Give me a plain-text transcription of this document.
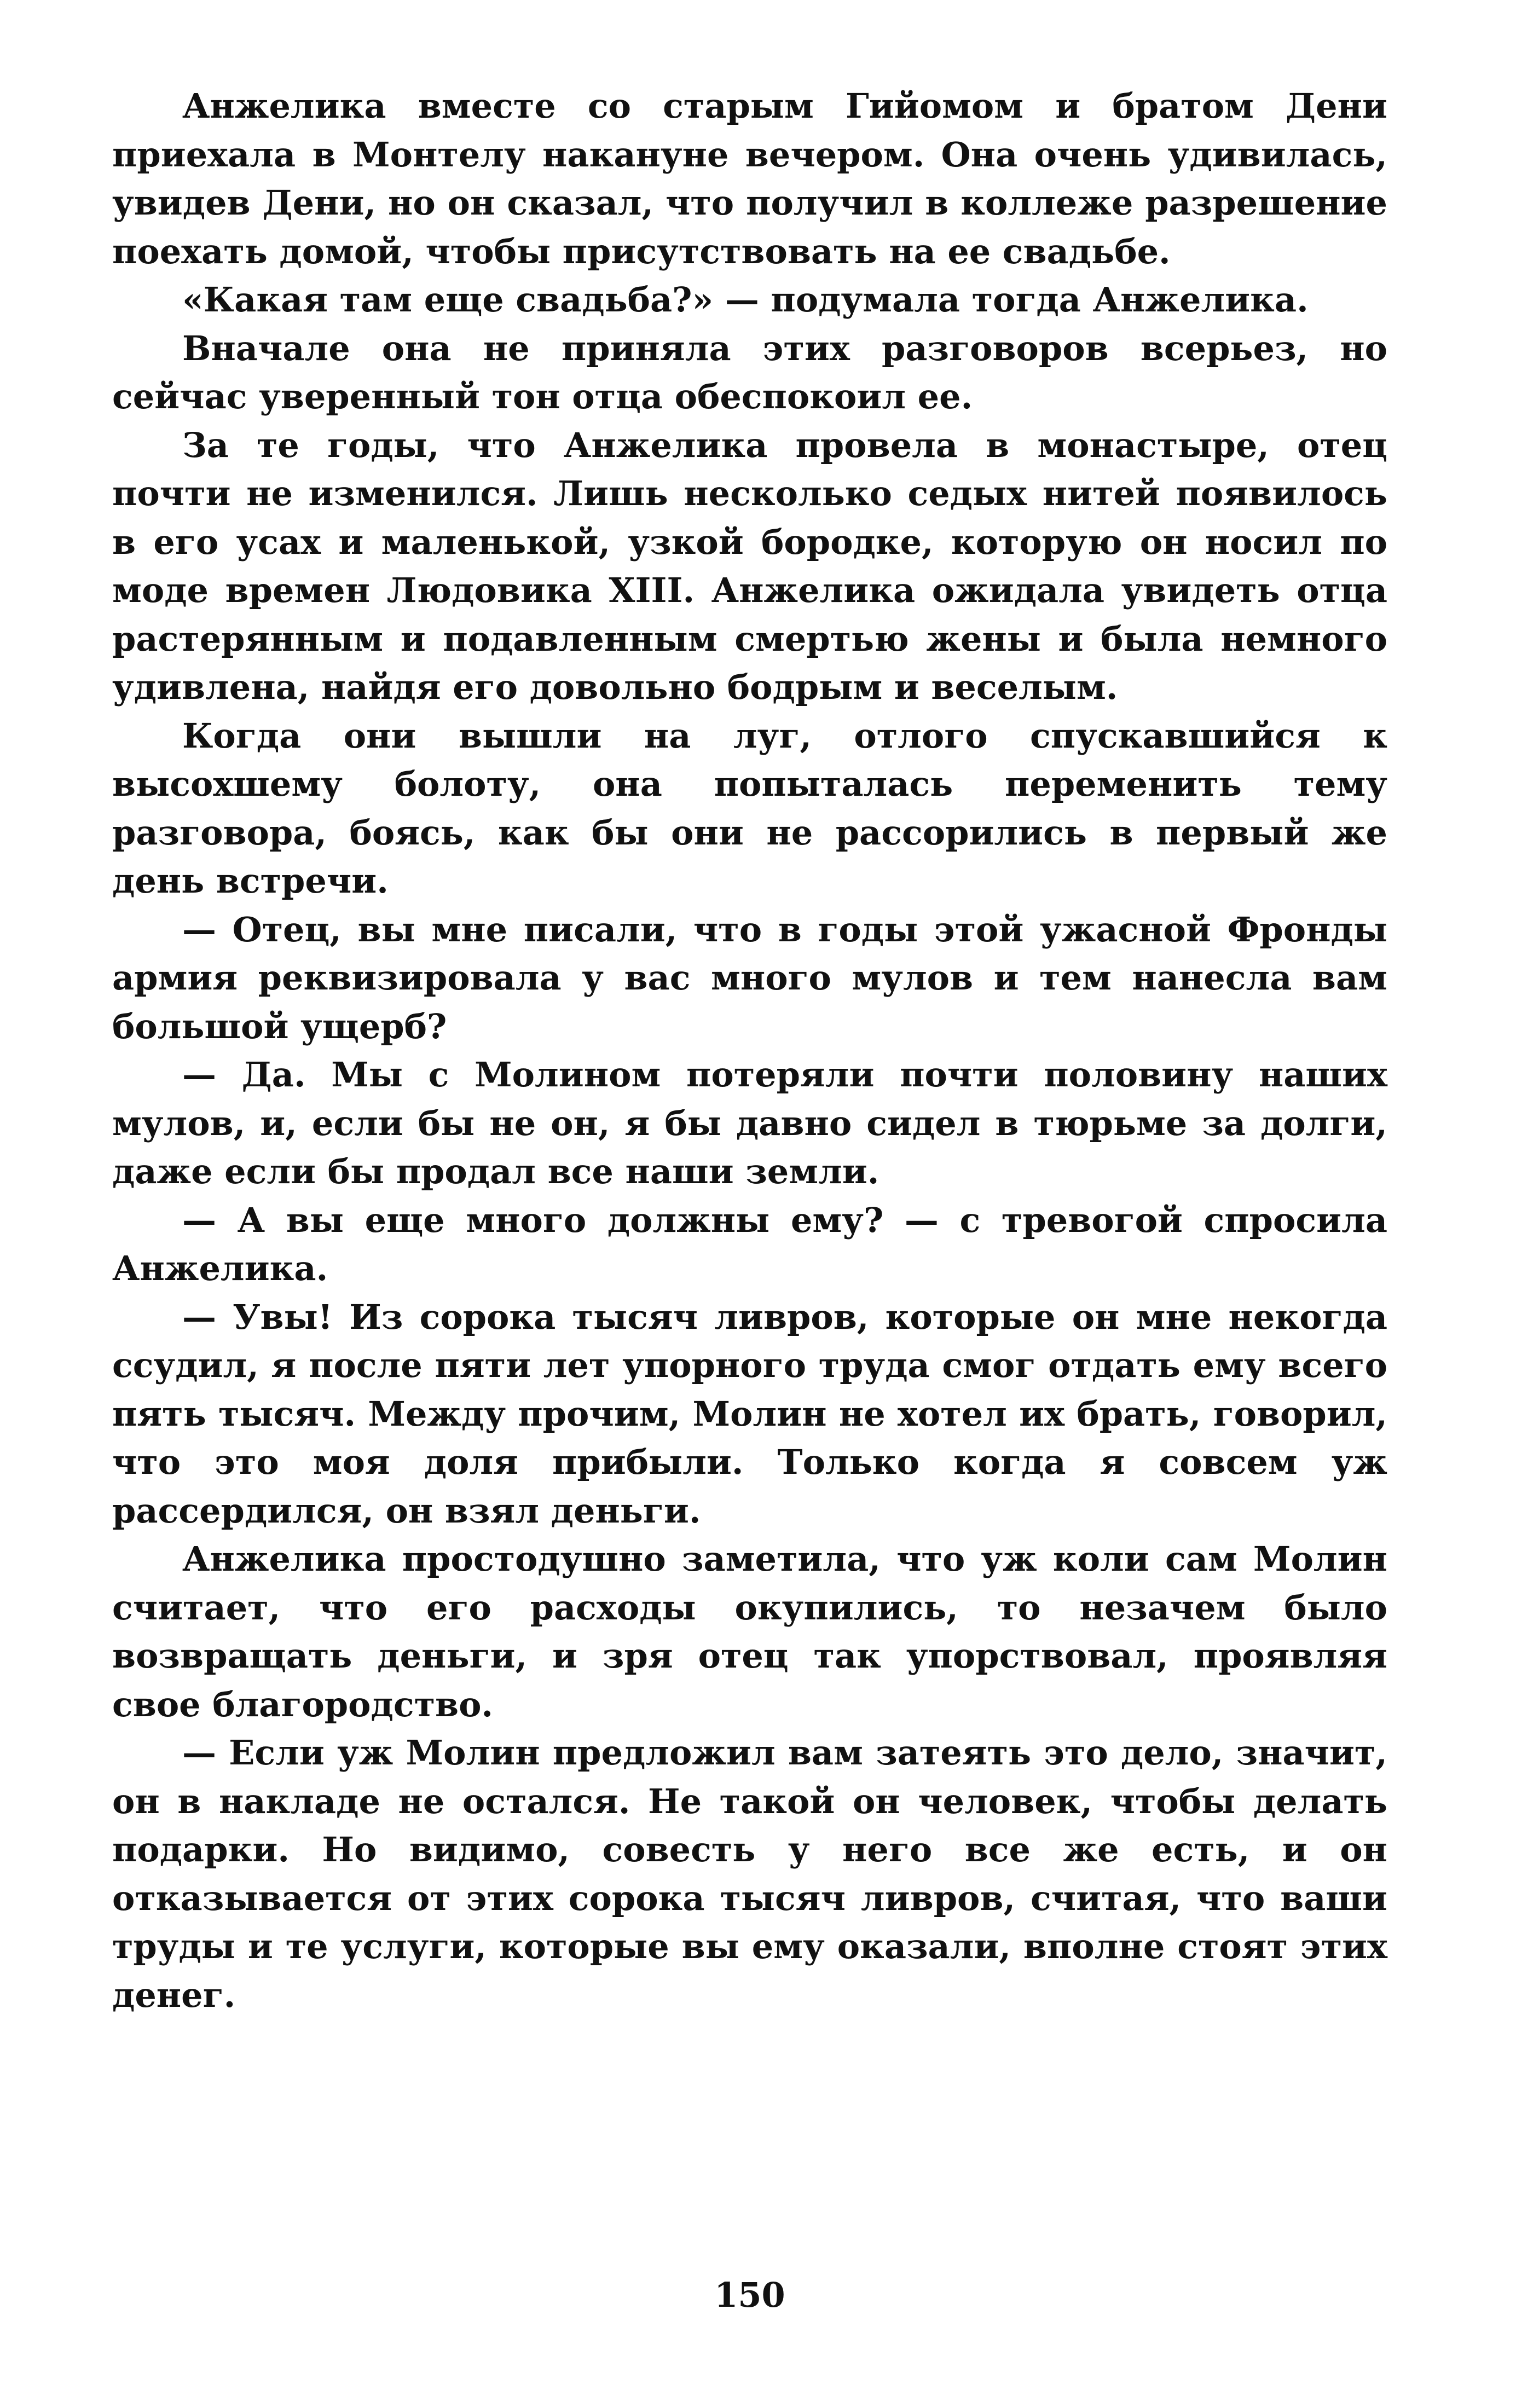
Анжелика вместе со старым Гийомом и братом Дени приехала в Монтелу накануне вечером. Она очень удивилась, увидев Дени, но он сказал, что получил в коллеже разрешение поехать домой, чтобы присутствовать на ее свадьбе.

«Какая там еще свадьба?» — подумала тогда Анжелика.

Вначале она не приняла этих разговоров всерьез, но сейчас уверенный тон отца обеспокоил ее.

За те годы, что Анжелика провела в монастыре, отец почти не изменился. Лишь несколько седых нитей появилось в его усах и маленькой, узкой бородке, которую он носил по моде времен Людовика XIII. Анжелика ожидала увидеть отца растерянным и подавленным смертью жены и была немного удивлена, найдя его довольно бодрым и веселым.

Когда они вышли на луг, отлого спускавшийся к высохшему болоту, она попыталась переменить тему разговора, боясь, как бы они не рассорились в первый же день встречи.

— Отец, вы мне писали, что в годы этой ужасной Фронды армия реквизировала у вас много мулов и тем нанесла вам большой ущерб?

— Да. Мы с Молином потеряли почти половину наших мулов, и, если бы не он, я бы давно сидел в тюрьме за долги, даже если бы продал все наши земли.

— А вы еще много должны ему? — с тревогой спросила Анжелика.

— Увы! Из сорока тысяч ливров, которые он мне некогда ссудил, я после пяти лет упорного труда смог отдать ему всего пять тысяч. Между прочим, Молин не хотел их брать, говорил, что это моя доля прибыли. Только когда я совсем уж рассердился, он взял деньги.

Анжелика простодушно заметила, что уж коли сам Молин считает, что его расходы окупились, то незачем было возвращать деньги, и зря отец так упорствовал, проявляя свое благородство.

— Если уж Молин предложил вам затеять это дело, значит, он в накладе не остался. Не такой он человек, чтобы делать подарки. Но видимо, совесть у него все же есть, и он отказывается от этих сорока тысяч ливров, считая, что ваши труды и те услуги, которые вы ему оказали, вполне стоят этих денег.

150
